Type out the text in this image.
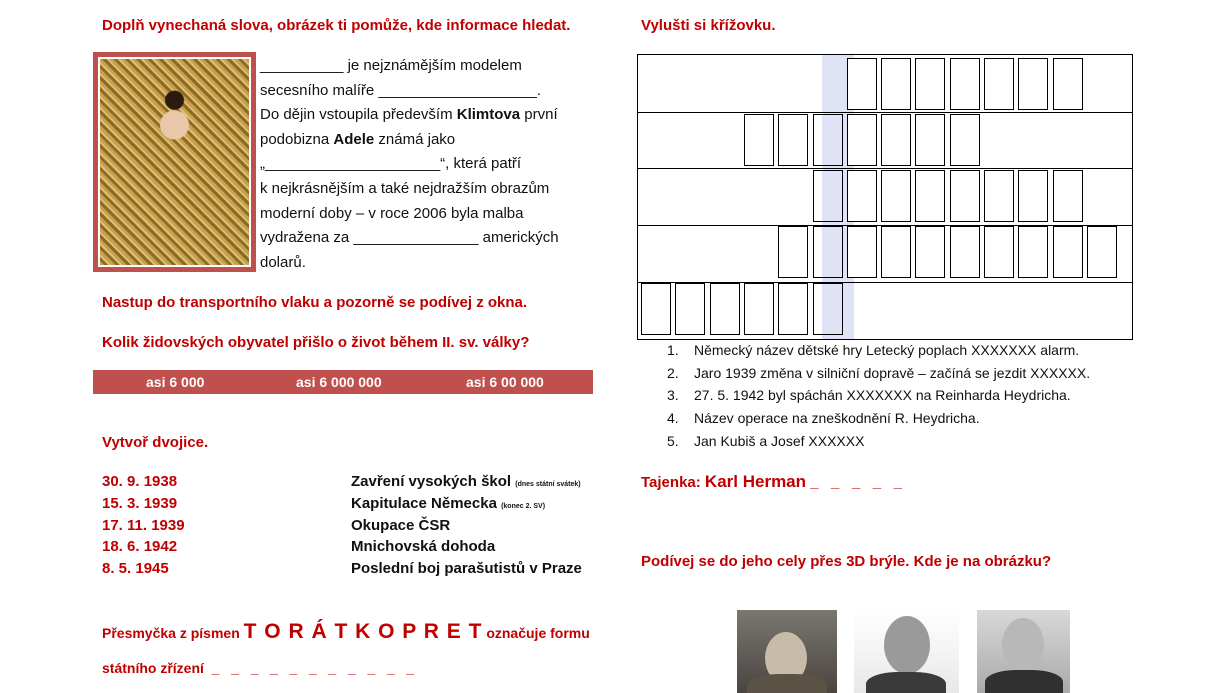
Doplň vynechaná slova, obrázek ti pomůže, kde informace hledat.
__________ je nejznámějším modelem
secesního malíře ___________________.
Do dějin vstoupila především Klimtova první
podobizna Adele známá jako
„_____________________“, která patří
k nejkrásnějším a také nejdražším obrazům
moderní doby – v roce 2006 byla malba
vydražena za _______________ amerických
dolarů.
Nastup do transportního vlaku a pozorně se podívej z okna.
Kolik židovských obyvatel přišlo o život během II. sv. války?
asi 6 000	asi 6 000 000	asi 6 00 000
Vytvoř dvojice.
30. 9. 1938
15. 3. 1939
17. 11. 1939
18. 6. 1942
8. 5. 1945
Zavření vysokých škol (dnes státní svátek)
Kapitulace Německa (konec 2. SV)
Okupace ČSR
Mnichovská dohoda
Poslední boj parašutistů v Praze
Přesmyčka z písmen T O R Á T K O P R E T označuje formu
státního zřízení  _   _   _   _   _   _   _   _   _   _   _
Vylušti si křížovku.
1. Německý název dětské hry Letecký poplach XXXXXXX alarm.
2. Jaro 1939 změna v silniční dopravě – začíná se jezdit XXXXXX.
3. 27. 5. 1942 byl spáchán XXXXXXX na Reinharda Heydricha.
4. Název operace na zneškodnění R. Heydricha.
5. Jan Kubiš a Josef XXXXXX
Tajenka: Karl Herman _   _   _   _   _
Podívej se do jeho cely přes 3D brýle. Kde je na obrázku?
